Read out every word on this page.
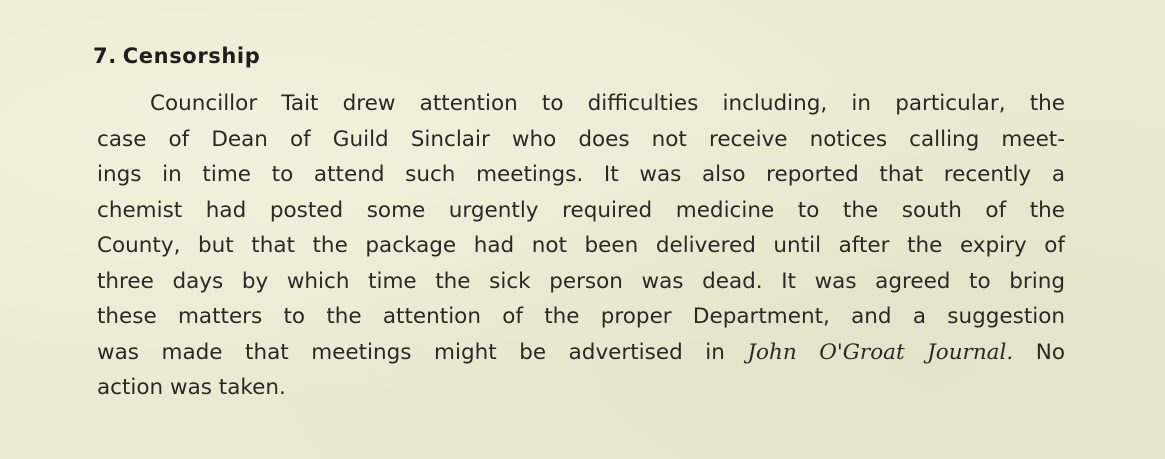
7. Censorship
Councillor Tait drew attention to difficulties including, in particular, the
case of Dean of Guild Sinclair who does not receive notices calling meet-
ings in time to attend such meetings. It was also reported that recently a
chemist had posted some urgently required medicine to the south of the
County, but that the package had not been delivered until after the expiry of
three days by which time the sick person was dead. It was agreed to bring
these matters to the attention of the proper Department, and a suggestion
was made that meetings might be advertised in John O'Groat Journal. No
action was taken.
